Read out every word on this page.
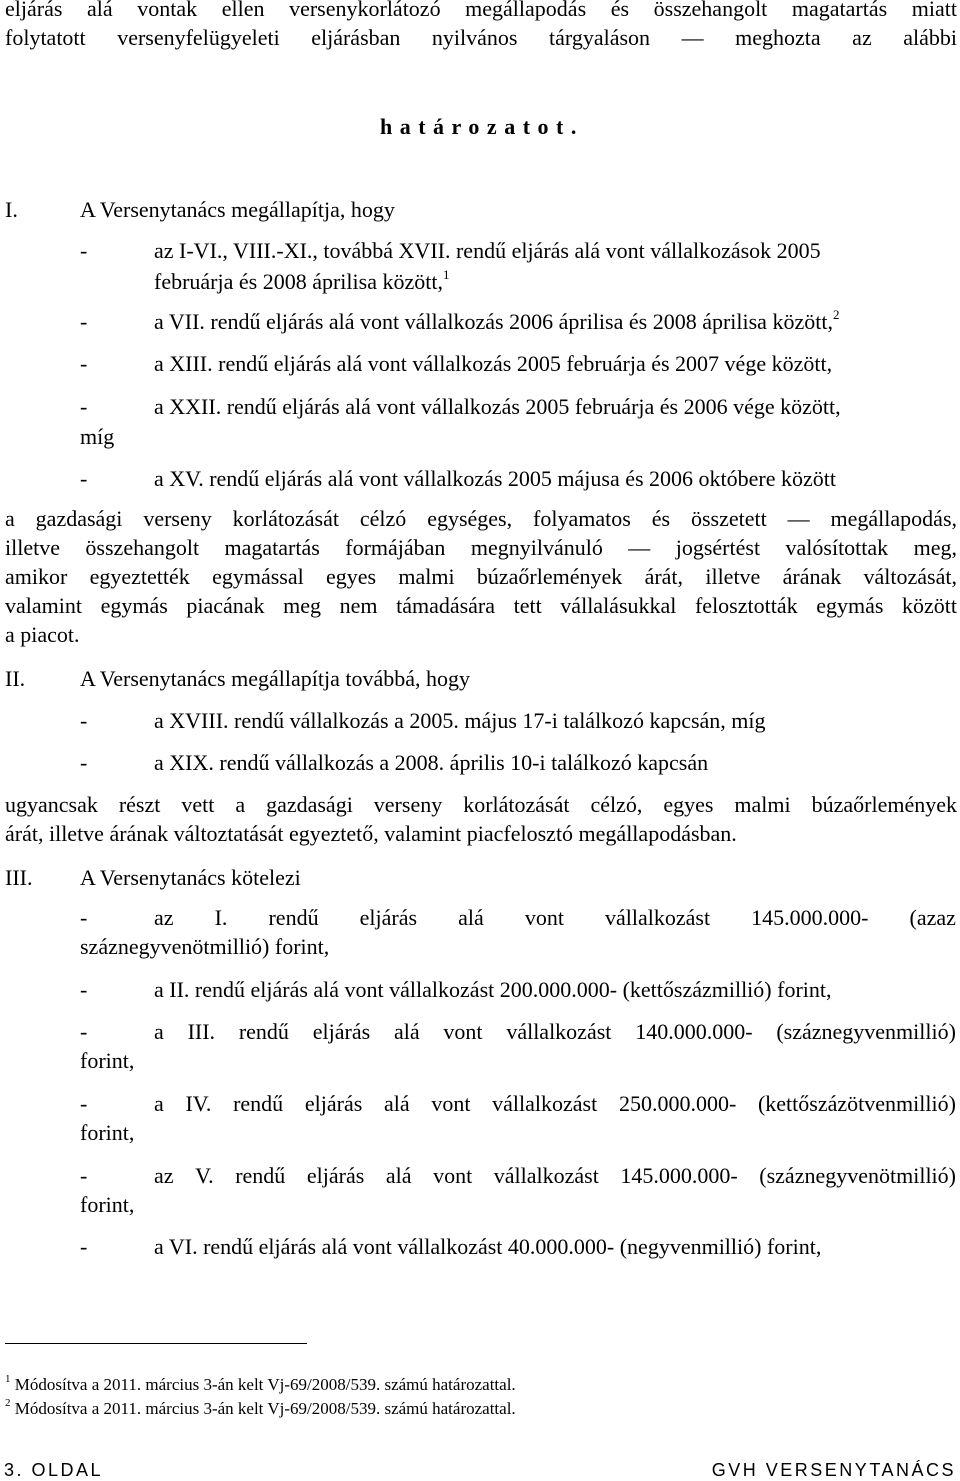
eljárás alá vontak ellen versenykorlátozó megállapodás és összehangolt magatartás miatt
folytatott versenyfelügyeleti eljárásban nyilvános tárgyaláson — meghozta az alábbi

h a t á r o z a t o t .

I.	A Versenytanács megállapítja, hogy

-	az I-VI., VIII.-XI., továbbá XVII. rendű eljárás alá vont vállalkozások 2005

februárja és 2008 áprilisa között,$^1$

-	a VII. rendű eljárás alá vont vállalkozás 2006 áprilisa és 2008 áprilisa között,$^2$

-	a XIII. rendű eljárás alá vont vállalkozás 2005 februárja és 2007 vége között,

-	a XXII. rendű eljárás alá vont vállalkozás 2005 februárja és 2006 vége között,

míg

-	a XV. rendű eljárás alá vont vállalkozás 2005 májusa és 2006 októbere között

a gazdasági verseny korlátozását célzó egységes, folyamatos és összetett — megállapodás,
illetve összehangolt magatartás formájában megnyilvánuló — jogsértést valósítottak meg,
amikor egyeztették egymással egyes malmi búzaőrlemények árát, illetve árának változását,
valamint egymás piacának meg nem támadására tett vállalásukkal felosztották egymás között
a piacot.

II. A Versenytanács megállapítja továbbá, hogy

-	a XVIII. rendű vállalkozás a 2005. május 17-i találkozó kapcsán, míg

-	a XIX. rendű vállalkozás a 2008. április 10-i találkozó kapcsán

ugyancsak részt vett a gazdasági verseny korlátozását célzó, egyes malmi búzaőrlemények
árát, illetve árának változtatását egyeztető, valamint piacfelosztó megállapodásban.

III. A Versenytanács kötelezi

-	az I. rendű eljárás alá vont vállalkozást 145.000.000- (azaz

száznegyvenötmillió) forint,

-	a II. rendű eljárás alá vont vállalkozást 200.000.000- (kettőszázmillió) forint,

-	a III. rendű eljárás alá vont vállalkozást 140.000.000- (száznegyvenmillió)

forint,

-	a IV. rendű eljárás alá vont vállalkozást 250.000.000- (kettőszázötvenmillió)

forint,

-	az V. rendű eljárás alá vont vállalkozást 145.000.000- (száznegyvenötmillió)

forint,

-	a VI. rendű eljárás alá vont vállalkozást 40.000.000- (negyvenmillió) forint,

$^1$ Módosítva a 2011. március 3-án kelt Vj-69/2008/539. számú határozattal.

$^2$ Módosítva a 2011. március 3-án kelt Vj-69/2008/539. számú határozattal.

3. OLDAL	GVH VERSENYTANÁCS
